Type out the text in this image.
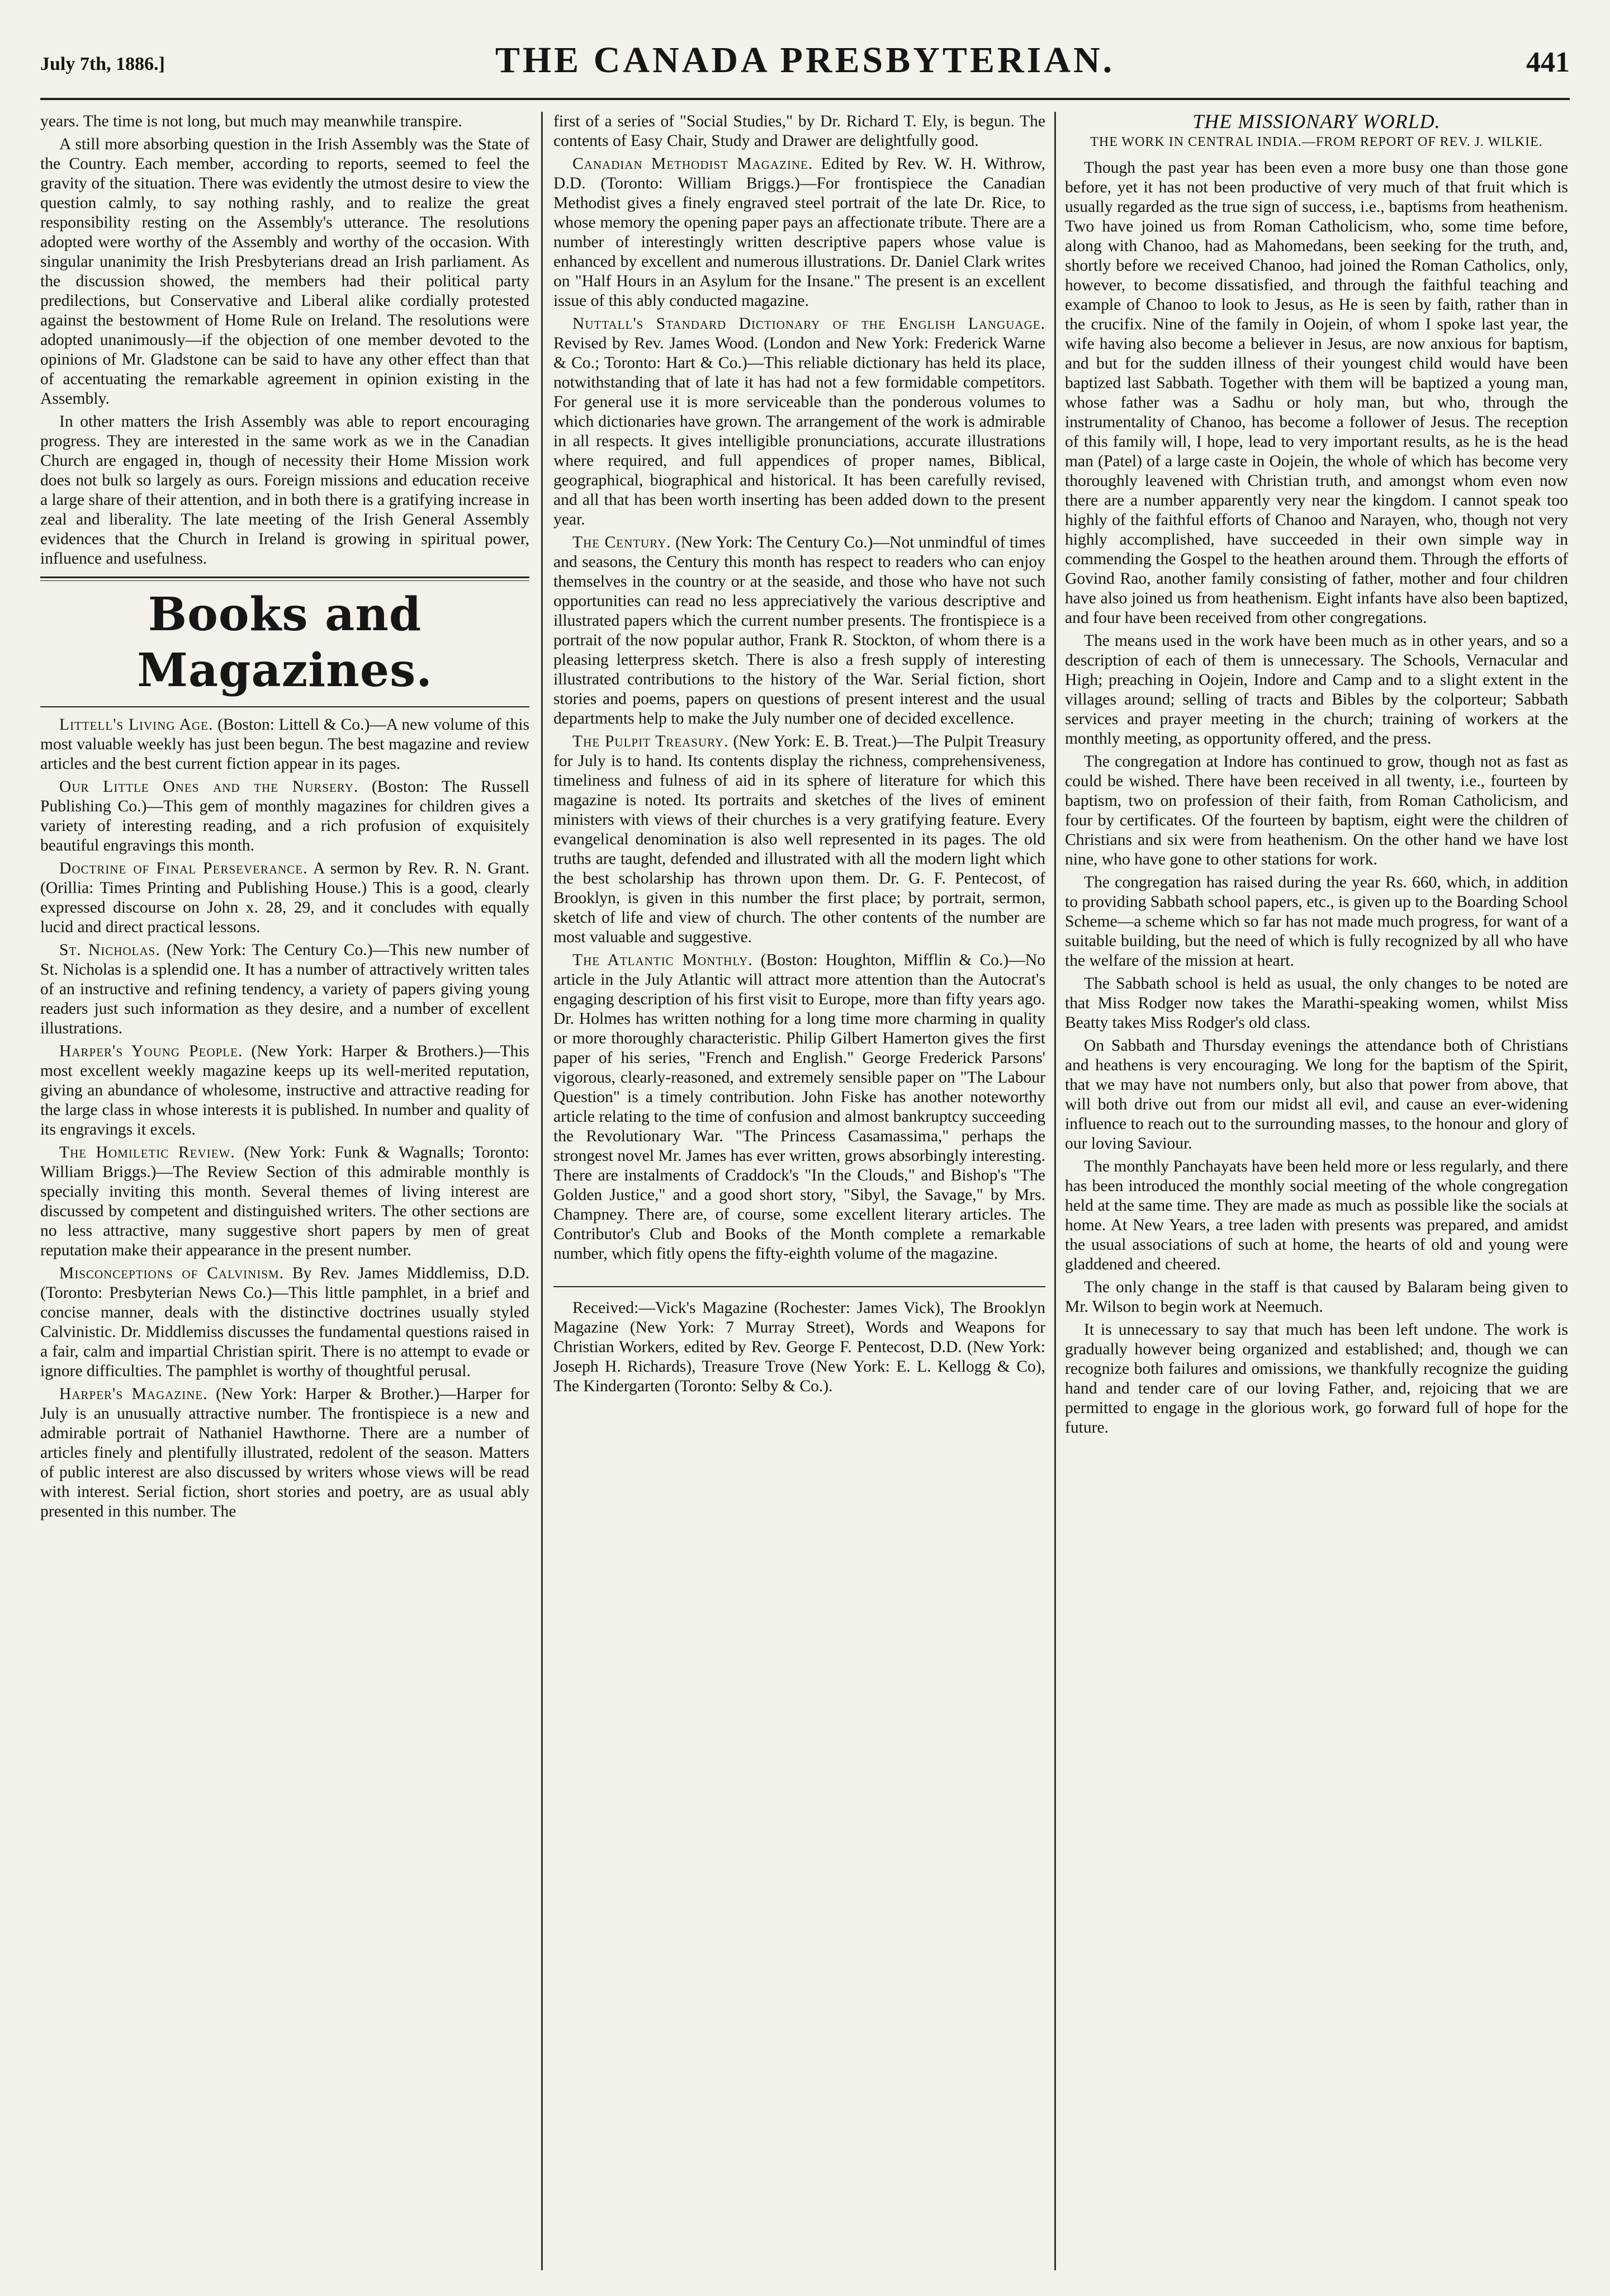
July 7th, 1886.]	THE CANADA PRESBYTERIAN.	441

years. The time is not long, but much may meanwhile transpire.

A still more absorbing question in the Irish Assembly was the State of the Country. Each member, according to reports, seemed to feel the gravity of the situation. There was evidently the utmost desire to view the question calmly, to say nothing rashly, and to realize the great responsibility resting on the Assembly's utterance. The resolutions adopted were worthy of the Assembly and worthy of the occasion. With singular unanimity the Irish Presbyterians dread an Irish parliament. As the discussion showed, the members had their political party predilections, but Conservative and Liberal alike cordially protested against the bestowment of Home Rule on Ireland. The resolutions were adopted unanimously—if the objection of one member devoted to the opinions of Mr. Gladstone can be said to have any other effect than that of accentuating the remarkable agreement in opinion existing in the Assembly.

In other matters the Irish Assembly was able to report encouraging progress. They are interested in the same work as we in the Canadian Church are engaged in, though of necessity their Home Mission work does not bulk so largely as ours. Foreign missions and education receive a large share of their attention, and in both there is a gratifying increase in zeal and liberality. The late meeting of the Irish General Assembly evidences that the Church in Ireland is growing in spiritual power, influence and usefulness.

Books and Magazines.

Littell's Living Age. (Boston: Littell & Co.)—A new volume of this most valuable weekly has just been begun. The best magazine and review articles and the best current fiction appear in its pages.

Our Little Ones and the Nursery. (Boston: The Russell Publishing Co.)—This gem of monthly magazines for children gives a variety of interesting reading, and a rich profusion of exquisitely beautiful engravings this month.

Doctrine of Final Perseverance. A sermon by Rev. R. N. Grant. (Orillia: Times Printing and Publishing House.) This is a good, clearly expressed discourse on John x. 28, 29, and it concludes with equally lucid and direct practical lessons.

St. Nicholas. (New York: The Century Co.)—This new number of St. Nicholas is a splendid one. It has a number of attractively written tales of an instructive and refining tendency, a variety of papers giving young readers just such information as they desire, and a number of excellent illustrations.

Harper's Young People. (New York: Harper & Brothers.)—This most excellent weekly magazine keeps up its well-merited reputation, giving an abundance of wholesome, instructive and attractive reading for the large class in whose interests it is published. In number and quality of its engravings it excels.

The Homiletic Review. (New York: Funk & Wagnalls; Toronto: William Briggs.)—The Review Section of this admirable monthly is specially inviting this month. Several themes of living interest are discussed by competent and distinguished writers. The other sections are no less attractive, many suggestive short papers by men of great reputation make their appearance in the present number.

Misconceptions of Calvinism. By Rev. James Middlemiss, D.D. (Toronto: Presbyterian News Co.)—This little pamphlet, in a brief and concise manner, deals with the distinctive doctrines usually styled Calvinistic. Dr. Middlemiss discusses the fundamental questions raised in a fair, calm and impartial Christian spirit. There is no attempt to evade or ignore difficulties. The pamphlet is worthy of thoughtful perusal.

Harper's Magazine. (New York: Harper & Brother.)—Harper for July is an unusually attractive number. The frontispiece is a new and admirable portrait of Nathaniel Hawthorne. There are a number of articles finely and plentifully illustrated, redolent of the season. Matters of public interest are also discussed by writers whose views will be read with interest. Serial fiction, short stories and poetry, are as usual ably presented in this number. The

first of a series of "Social Studies," by Dr. Richard T. Ely, is begun. The contents of Easy Chair, Study and Drawer are delightfully good.

Canadian Methodist Magazine. Edited by Rev. W. H. Withrow, D.D. (Toronto: William Briggs.)—For frontispiece the Canadian Methodist gives a finely engraved steel portrait of the late Dr. Rice, to whose memory the opening paper pays an affectionate tribute. There are a number of interestingly written descriptive papers whose value is enhanced by excellent and numerous illustrations. Dr. Daniel Clark writes on "Half Hours in an Asylum for the Insane." The present is an excellent issue of this ably conducted magazine.

Nuttall's Standard Dictionary of the English Language. Revised by Rev. James Wood. (London and New York: Frederick Warne & Co.; Toronto: Hart & Co.)—This reliable dictionary has held its place, notwithstanding that of late it has had not a few formidable competitors. For general use it is more serviceable than the ponderous volumes to which dictionaries have grown. The arrangement of the work is admirable in all respects. It gives intelligible pronunciations, accurate illustrations where required, and full appendices of proper names, Biblical, geographical, biographical and historical. It has been carefully revised, and all that has been worth inserting has been added down to the present year.

The Century. (New York: The Century Co.)—Not unmindful of times and seasons, the Century this month has respect to readers who can enjoy themselves in the country or at the seaside, and those who have not such opportunities can read no less appreciatively the various descriptive and illustrated papers which the current number presents. The frontispiece is a portrait of the now popular author, Frank R. Stockton, of whom there is a pleasing letterpress sketch. There is also a fresh supply of interesting illustrated contributions to the history of the War. Serial fiction, short stories and poems, papers on questions of present interest and the usual departments help to make the July number one of decided excellence.

The Pulpit Treasury. (New York: E. B. Treat.)—The Pulpit Treasury for July is to hand. Its contents display the richness, comprehensiveness, timeliness and fulness of aid in its sphere of literature for which this magazine is noted. Its portraits and sketches of the lives of eminent ministers with views of their churches is a very gratifying feature. Every evangelical denomination is also well represented in its pages. The old truths are taught, defended and illustrated with all the modern light which the best scholarship has thrown upon them. Dr. G. F. Pentecost, of Brooklyn, is given in this number the first place; by portrait, sermon, sketch of life and view of church. The other contents of the number are most valuable and suggestive.

The Atlantic Monthly. (Boston: Houghton, Mifflin & Co.)—No article in the July Atlantic will attract more attention than the Autocrat's engaging description of his first visit to Europe, more than fifty years ago. Dr. Holmes has written nothing for a long time more charming in quality or more thoroughly characteristic. Philip Gilbert Hamerton gives the first paper of his series, "French and English." George Frederick Parsons' vigorous, clearly-reasoned, and extremely sensible paper on "The Labour Question" is a timely contribution. John Fiske has another noteworthy article relating to the time of confusion and almost bankruptcy succeeding the Revolutionary War. "The Princess Casamassima," perhaps the strongest novel Mr. James has ever written, grows absorbingly interesting. There are instalments of Craddock's "In the Clouds," and Bishop's "The Golden Justice," and a good short story, "Sibyl, the Savage," by Mrs. Champney. There are, of course, some excellent literary articles. The Contributor's Club and Books of the Month complete a remarkable number, which fitly opens the fifty-eighth volume of the magazine.

Received:—Vick's Magazine (Rochester: James Vick), The Brooklyn Magazine (New York: 7 Murray Street), Words and Weapons for Christian Workers, edited by Rev. George F. Pentecost, D.D. (New York: Joseph H. Richards), Treasure Trove (New York: E. L. Kellogg & Co), The Kindergarten (Toronto: Selby & Co.).

THE MISSIONARY WORLD.
THE WORK IN CENTRAL INDIA.—FROM REPORT OF REV. J. WILKIE.

Though the past year has been even a more busy one than those gone before, yet it has not been productive of very much of that fruit which is usually regarded as the true sign of success, i.e., baptisms from heathenism. Two have joined us from Roman Catholicism, who, some time before, along with Chanoo, had as Mahomedans, been seeking for the truth, and, shortly before we received Chanoo, had joined the Roman Catholics, only, however, to become dissatisfied, and through the faithful teaching and example of Chanoo to look to Jesus, as He is seen by faith, rather than in the crucifix. Nine of the family in Oojein, of whom I spoke last year, the wife having also become a believer in Jesus, are now anxious for baptism, and but for the sudden illness of their youngest child would have been baptized last Sabbath. Together with them will be baptized a young man, whose father was a Sadhu or holy man, but who, through the instrumentality of Chanoo, has become a follower of Jesus. The reception of this family will, I hope, lead to very important results, as he is the head man (Patel) of a large caste in Oojein, the whole of which has become very thoroughly leavened with Christian truth, and amongst whom even now there are a number apparently very near the kingdom. I cannot speak too highly of the faithful efforts of Chanoo and Narayen, who, though not very highly accomplished, have succeeded in their own simple way in commending the Gospel to the heathen around them. Through the efforts of Govind Rao, another family consisting of father, mother and four children have also joined us from heathenism. Eight infants have also been baptized, and four have been received from other congregations.

The means used in the work have been much as in other years, and so a description of each of them is unnecessary. The Schools, Vernacular and High; preaching in Oojein, Indore and Camp and to a slight extent in the villages around; selling of tracts and Bibles by the colporteur; Sabbath services and prayer meeting in the church; training of workers at the monthly meeting, as opportunity offered, and the press.

The congregation at Indore has continued to grow, though not as fast as could be wished. There have been received in all twenty, i.e., fourteen by baptism, two on profession of their faith, from Roman Catholicism, and four by certificates. Of the fourteen by baptism, eight were the children of Christians and six were from heathenism. On the other hand we have lost nine, who have gone to other stations for work.

The congregation has raised during the year Rs. 660, which, in addition to providing Sabbath school papers, etc., is given up to the Boarding School Scheme—a scheme which so far has not made much progress, for want of a suitable building, but the need of which is fully recognized by all who have the welfare of the mission at heart.

The Sabbath school is held as usual, the only changes to be noted are that Miss Rodger now takes the Marathi-speaking women, whilst Miss Beatty takes Miss Rodger's old class.

On Sabbath and Thursday evenings the attendance both of Christians and heathens is very encouraging. We long for the baptism of the Spirit, that we may have not numbers only, but also that power from above, that will both drive out from our midst all evil, and cause an ever-widening influence to reach out to the surrounding masses, to the honour and glory of our loving Saviour.

The monthly Panchayats have been held more or less regularly, and there has been introduced the monthly social meeting of the whole congregation held at the same time. They are made as much as possible like the socials at home. At New Years, a tree laden with presents was prepared, and amidst the usual associations of such at home, the hearts of old and young were gladdened and cheered.

The only change in the staff is that caused by Balaram being given to Mr. Wilson to begin work at Neemuch.

It is unnecessary to say that much has been left undone. The work is gradually however being organized and established; and, though we can recognize both failures and omissions, we thankfully recognize the guiding hand and tender care of our loving Father, and, rejoicing that we are permitted to engage in the glorious work, go forward full of hope for the future.
